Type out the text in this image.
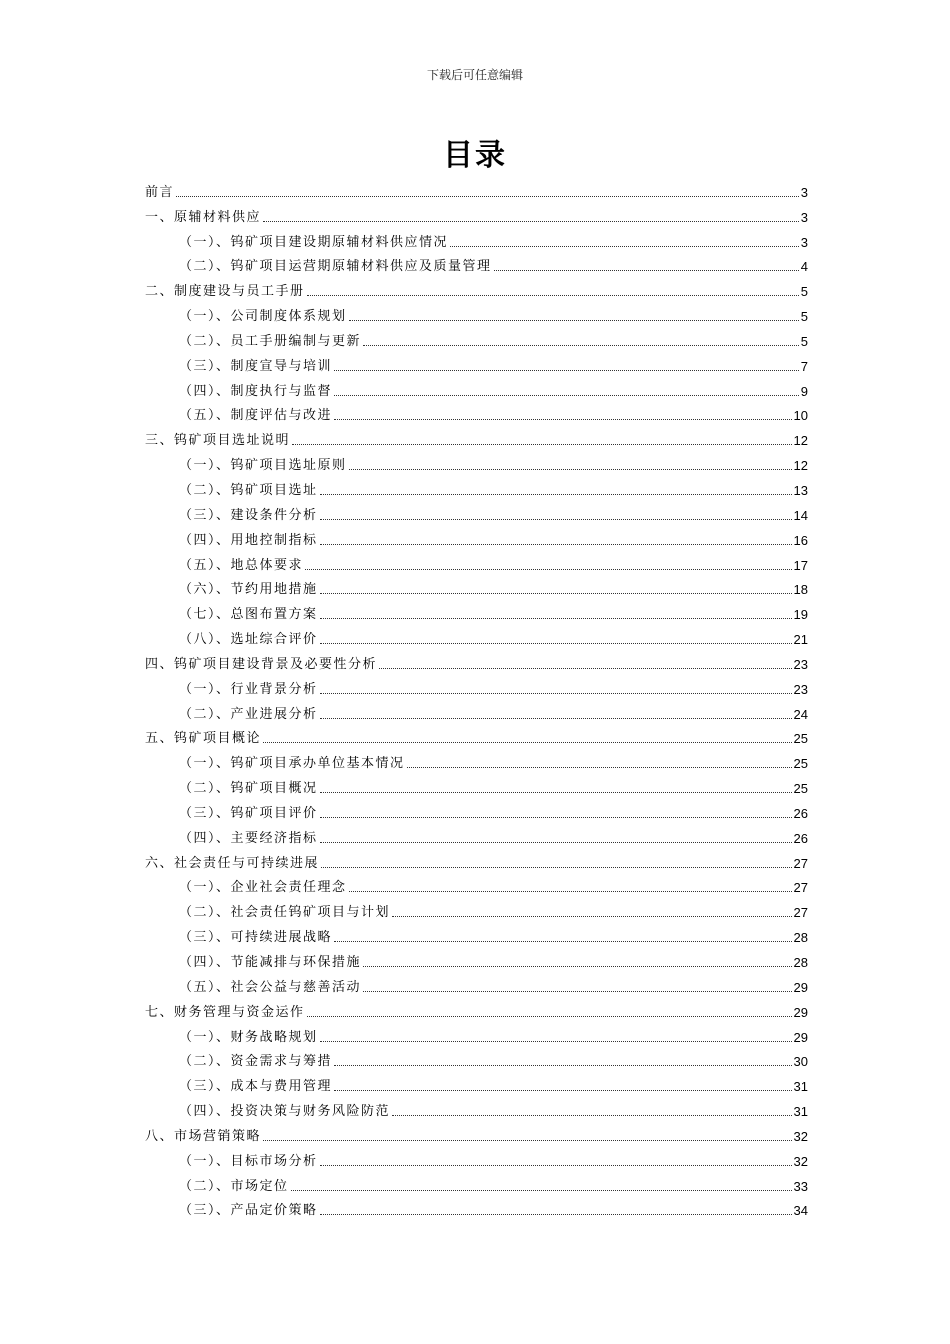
下载后可任意编辑
目录
前言	3
一、原辅材料供应	3
（一）、钨矿项目建设期原辅材料供应情况	3
（二）、钨矿项目运营期原辅材料供应及质量管理	4
二、制度建设与员工手册	5
（一）、公司制度体系规划	5
（二）、员工手册编制与更新	5
（三）、制度宣导与培训	7
（四）、制度执行与监督	9
（五）、制度评估与改进	10
三、钨矿项目选址说明	12
（一）、钨矿项目选址原则	12
（二）、钨矿项目选址	13
（三）、建设条件分析	14
（四）、用地控制指标	16
（五）、地总体要求	17
（六）、节约用地措施	18
（七）、总图布置方案	19
（八）、选址综合评价	21
四、钨矿项目建设背景及必要性分析	23
（一）、行业背景分析	23
（二）、产业进展分析	24
五、钨矿项目概论	25
（一）、钨矿项目承办单位基本情况	25
（二）、钨矿项目概况	25
（三）、钨矿项目评价	26
（四）、主要经济指标	26
六、社会责任与可持续进展	27
（一）、企业社会责任理念	27
（二）、社会责任钨矿项目与计划	27
（三）、可持续进展战略	28
（四）、节能减排与环保措施	28
（五）、社会公益与慈善活动	29
七、财务管理与资金运作	29
（一）、财务战略规划	29
（二）、资金需求与筹措	30
（三）、成本与费用管理	31
（四）、投资决策与财务风险防范	31
八、市场营销策略	32
（一）、目标市场分析	32
（二）、市场定位	33
（三）、产品定价策略	34
